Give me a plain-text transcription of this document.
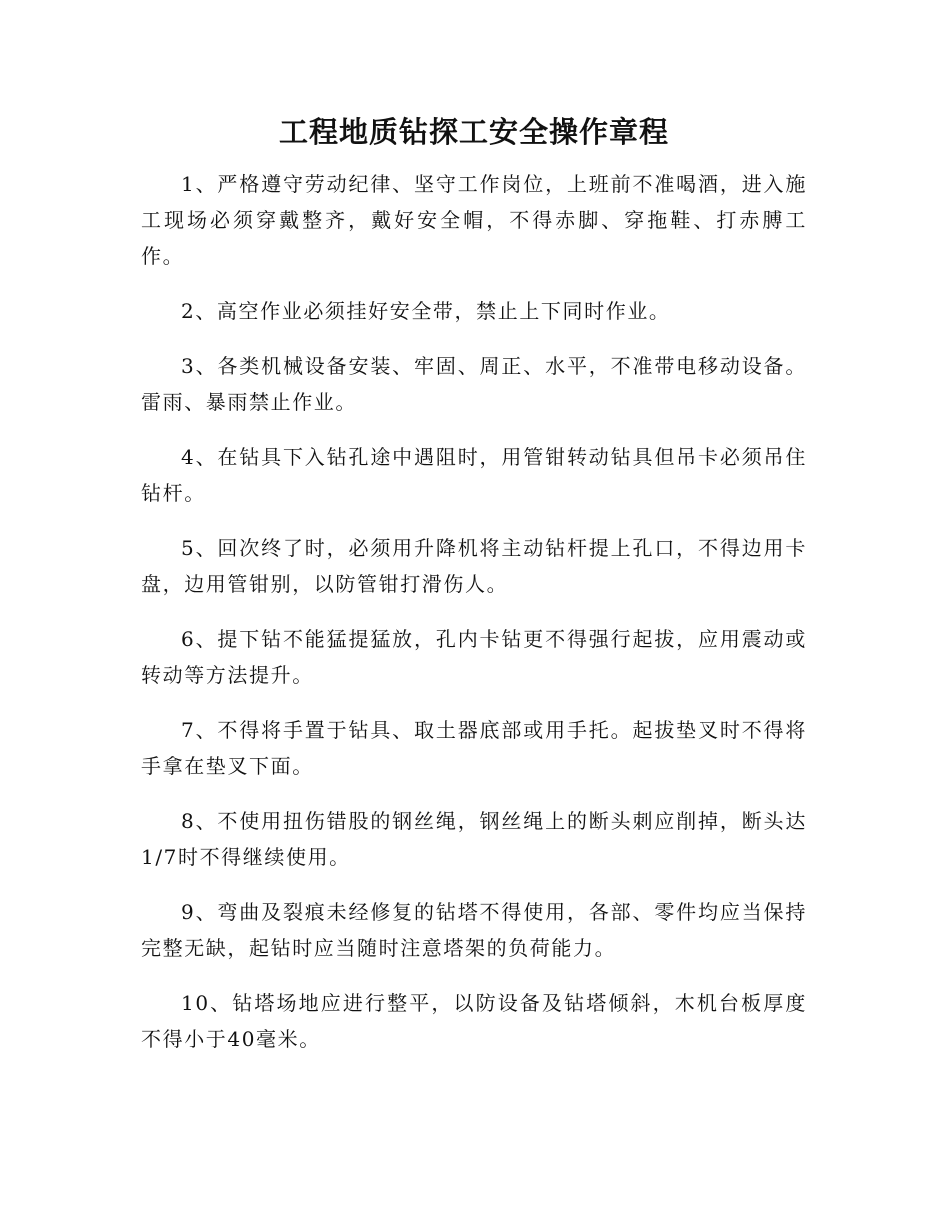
工程地质钻探工安全操作章程

1、严格遵守劳动纪律、坚守工作岗位，上班前不准喝酒，进入施工现场必须穿戴整齐，戴好安全帽，不得赤脚、穿拖鞋、打赤膊工作。

2、高空作业必须挂好安全带，禁止上下同时作业。

3、各类机械设备安装、牢固、周正、水平，不准带电移动设备。雷雨、暴雨禁止作业。

4、在钻具下入钻孔途中遇阻时，用管钳转动钻具但吊卡必须吊住钻杆。

5、回次终了时，必须用升降机将主动钻杆提上孔口，不得边用卡盘，边用管钳别，以防管钳打滑伤人。

6、提下钻不能猛提猛放，孔内卡钻更不得强行起拔，应用震动或转动等方法提升。

7、不得将手置于钻具、取土器底部或用手托。起拔垫叉时不得将手拿在垫叉下面。

8、不使用扭伤错股的钢丝绳，钢丝绳上的断头刺应削掉，断头达1/7时不得继续使用。

9、弯曲及裂痕未经修复的钻塔不得使用，各部、零件均应当保持完整无缺，起钻时应当随时注意塔架的负荷能力。

10、钻塔场地应进行整平，以防设备及钻塔倾斜，木机台板厚度不得小于40毫米。
